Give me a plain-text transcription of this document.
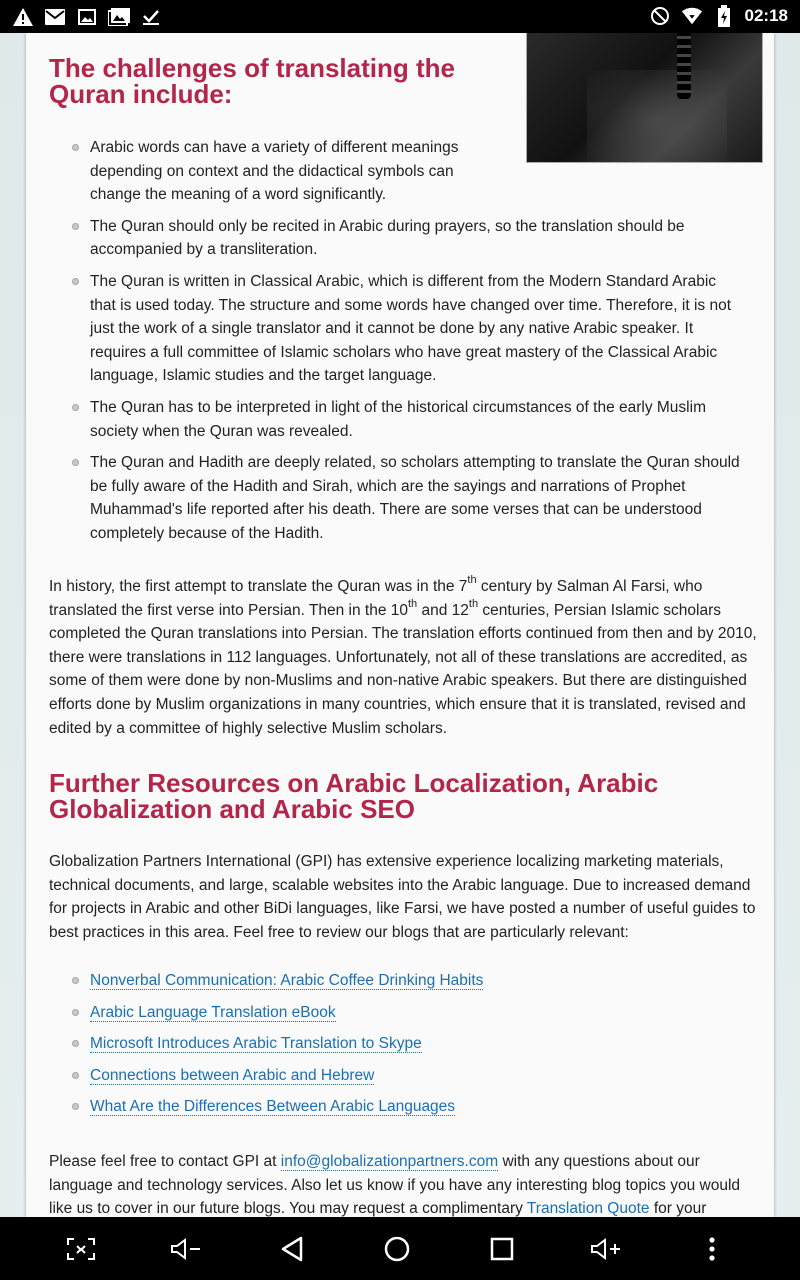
02:18
The challenges of translating the Quran include:
Arabic words can have a variety of different meanings depending on context and the didactical symbols can change the meaning of a word significantly.
The Quran should only be recited in Arabic during prayers, so the translation should be accompanied by a transliteration.
The Quran is written in Classical Arabic, which is different from the Modern Standard Arabic that is used today. The structure and some words have changed over time. Therefore, it is not just the work of a single translator and it cannot be done by any native Arabic speaker. It requires a full committee of Islamic scholars who have great mastery of the Classical Arabic language, Islamic studies and the target language.
The Quran has to be interpreted in light of the historical circumstances of the early Muslim society when the Quran was revealed.
The Quran and Hadith are deeply related, so scholars attempting to translate the Quran should be fully aware of the Hadith and Sirah, which are the sayings and narrations of Prophet Muhammad's life reported after his death. There are some verses that can be understood completely because of the Hadith.

In history, the first attempt to translate the Quran was in the 7th century by Salman Al Farsi, who translated the first verse into Persian. Then in the 10th and 12th centuries, Persian Islamic scholars completed the Quran translations into Persian. The translation efforts continued from then and by 2010, there were translations in 112 languages. Unfortunately, not all of these translations are accredited, as some of them were done by non-Muslims and non-native Arabic speakers. But there are distinguished efforts done by Muslim organizations in many countries, which ensure that it is translated, revised and edited by a committee of highly selective Muslim scholars.

Further Resources on Arabic Localization, Arabic Globalization and Arabic SEO

Globalization Partners International (GPI) has extensive experience localizing marketing materials, technical documents, and large, scalable websites into the Arabic language. Due to increased demand for projects in Arabic and other BiDi languages, like Farsi, we have posted a number of useful guides to best practices in this area. Feel free to review our blogs that are particularly relevant:

Nonverbal Communication: Arabic Coffee Drinking Habits
Arabic Language Translation eBook
Microsoft Introduces Arabic Translation to Skype
Connections between Arabic and Hebrew
What Are the Differences Between Arabic Languages

Please feel free to contact GPI at info@globalizationpartners.com with any questions about our language and technology services. Also let us know if you have any interesting blog topics you would like us to cover in our future blogs. You may request a complimentary Translation Quote for your
